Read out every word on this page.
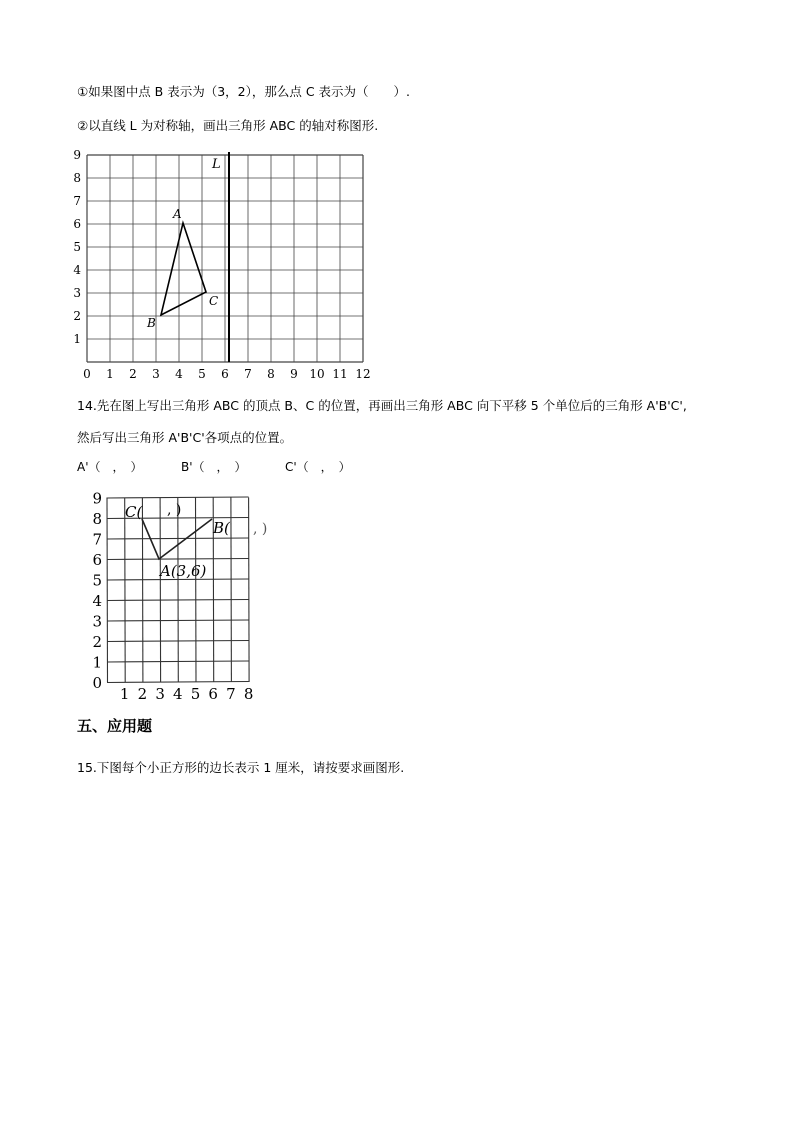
①如果图中点 B 表示为（3，2），那么点 C 表示为（　　）.
②以直线 L 为对称轴，画出三角形 ABC 的轴对称图形.
L
A
B
C
0 1 2 3 4 5 6 7 8 9 10 11 12
1
2
3
4
5
6
7
8
9
14.先在图上写出三角形 ABC 的顶点 B、C 的位置，再画出三角形 ABC 向下平移 5 个单位后的三角形 A'B'C',
然后写出三角形 A'B'C'各项点的位置。
A'（　，　）	B'（　，　）	C'（　，　）
C( , )
B( , )
A(3,6)
1 2 3 4 5 6 7 8
0
1
2
3
4
5
6
7
8
9
五、应用题
15.下图每个小正方形的边长表示 1 厘米，请按要求画图形.
